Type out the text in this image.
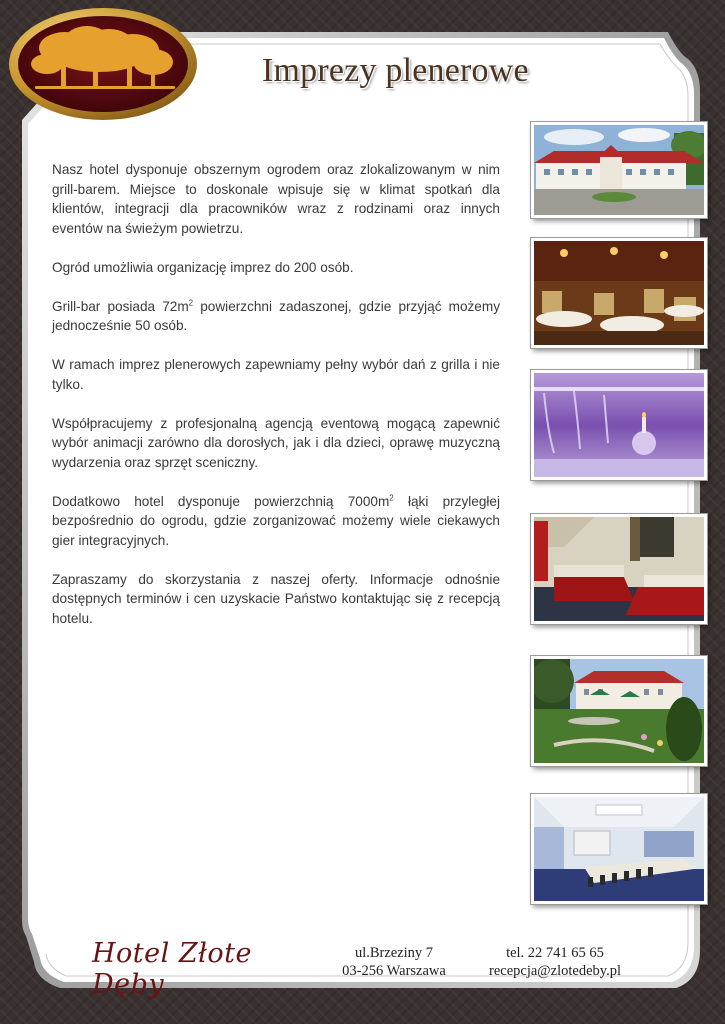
Imprezy plenerowe

Nasz hotel dysponuje obszernym ogrodem oraz zlokalizowanym w nim grill-barem. Miejsce to doskonale wpisuje się w klimat spotkań dla klientów, integracji dla pracowników wraz z rodzinami oraz innych eventów na świeżym powietrzu.

Ogród umożliwia organizację imprez do 200 osób.

Grill-bar posiada $72m^2$ powierzchni zadaszonej, gdzie przyjąć możemy jednocześnie 50 osób.

W ramach imprez plenerowych zapewniamy pełny wybór dań z grilla i nie tylko.

Współpracujemy z profesjonalną agencją eventową mogącą zapewnić wybór animacji zarówno dla dorosłych, jak i dla dzieci, oprawę muzyczną wydarzenia oraz sprzęt sceniczny.

Dodatkowo hotel dysponuje powierzchnią $7000m^2$ łąki przyległej bezpośrednio do ogrodu, gdzie zorganizować możemy wiele ciekawych gier integracyjnych.

Zapraszamy do skorzystania z naszej oferty. Informacje odnośnie dostępnych terminów i cen uzyskacie Państwo kontaktując się z recepcją hotelu.

Hotel Złote Dęby
ul.Brzeziny 7
03-256 Warszawa
tel. 22 741 65 65
recepcja@zlotedeby.pl
